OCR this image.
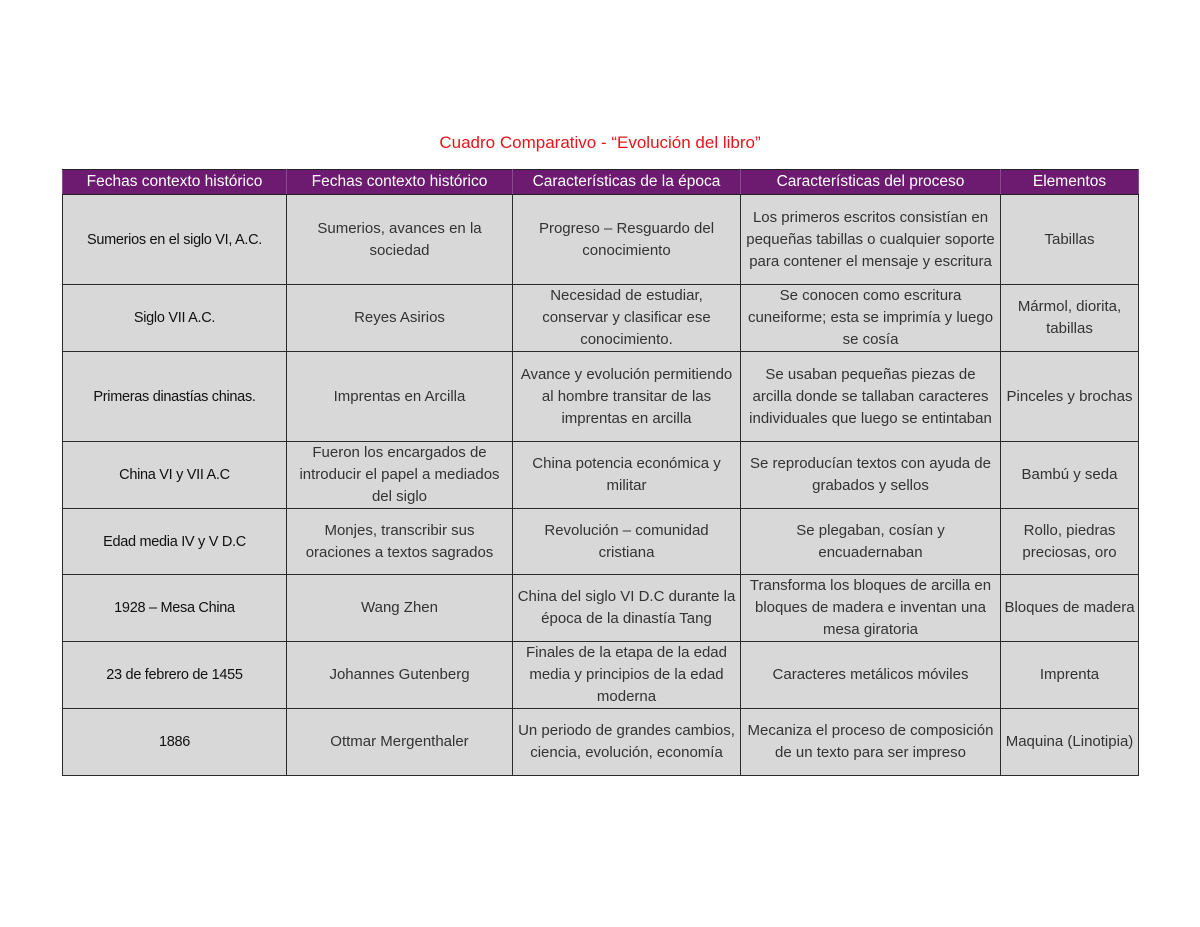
Cuadro Comparativo - “Evolución del libro”
Fechas contexto histórico	Fechas contexto histórico	Características de la época	Características del proceso	Elementos
Sumerios en el siglo VI, A.C.	Sumerios, avances en la sociedad	Progreso – Resguardo del conocimiento	Los primeros escritos consistían en pequeñas tabillas o cualquier soporte para contener el mensaje y escritura	Tabillas
Siglo VII A.C.	Reyes Asirios	Necesidad de estudiar, conservar y clasificar ese conocimiento.	Se conocen como escritura cuneiforme; esta se imprimía y luego se cosía	Mármol, diorita, tabillas
Primeras dinastías chinas.	Imprentas en Arcilla	Avance y evolución permitiendo al hombre transitar de las imprentas en arcilla	Se usaban pequeñas piezas de arcilla donde se tallaban caracteres individuales que luego se entintaban	Pinceles y brochas
China VI y VII A.C	Fueron los encargados de introducir el papel a mediados del siglo	China potencia económica y militar	Se reproducían textos con ayuda de grabados y sellos	Bambú y seda
Edad media IV y V D.C	Monjes, transcribir sus oraciones a textos sagrados	Revolución – comunidad cristiana	Se plegaban, cosían y encuadernaban	Rollo, piedras preciosas, oro
1928 – Mesa China	Wang Zhen	China del siglo VI D.C durante la época de la dinastía Tang	Transforma los bloques de arcilla en bloques de madera e inventan una mesa giratoria	Bloques de madera
23 de febrero de 1455	Johannes Gutenberg	Finales de la etapa de la edad media y principios de la edad moderna	Caracteres metálicos móviles	Imprenta
1886	Ottmar Mergenthaler	Un periodo de grandes cambios, ciencia, evolución, economía	Mecaniza el proceso de composición de un texto para ser impreso	Maquina (Linotipia)
